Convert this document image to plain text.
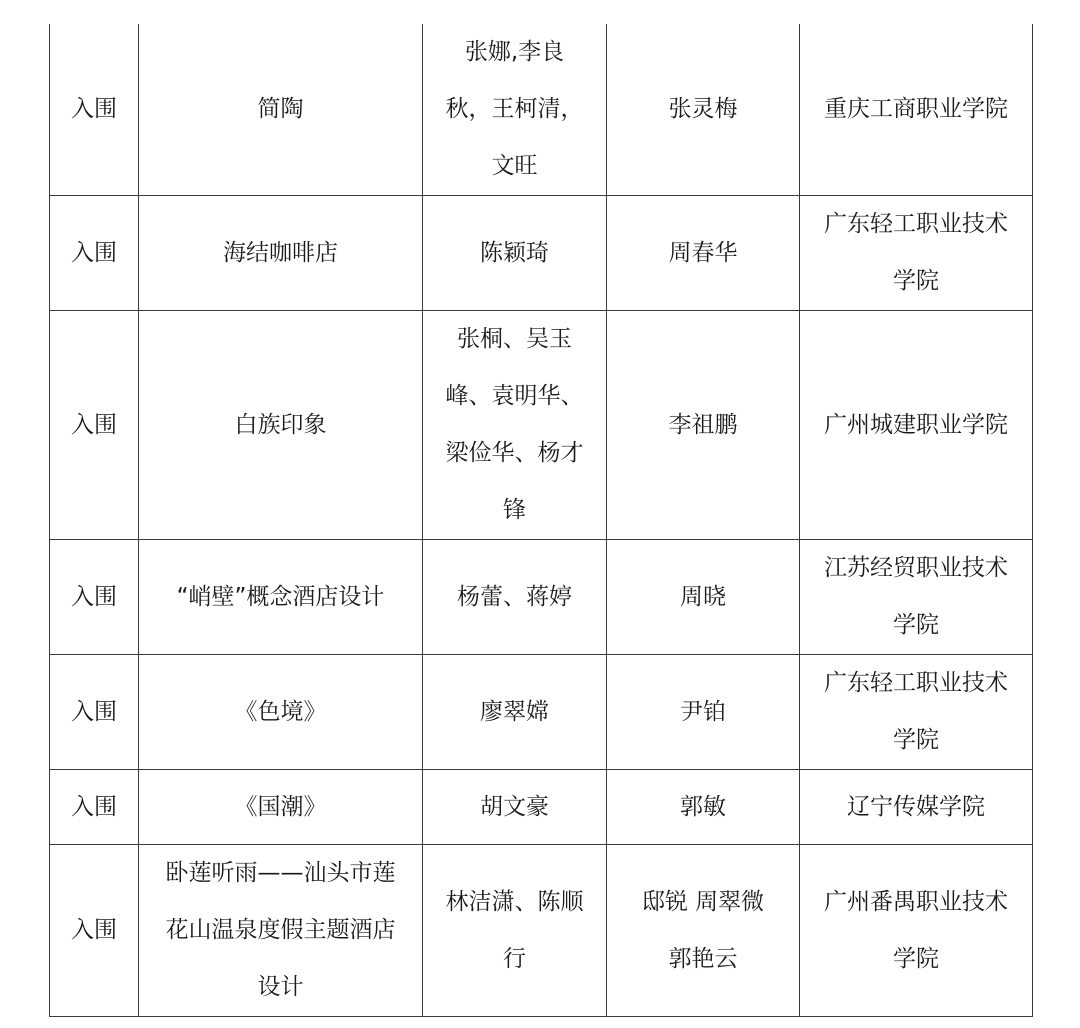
入围	简陶	张娜,李良
秋，王柯清，
文旺	张灵梅	重庆工商职业学院

入围	海结咖啡店	陈颖琦	周春华	广东轻工职业技术
学院

入围	白族印象	张桐、吴玉
峰、袁明华、
梁俭华、杨才
锋	李祖鹏	广州城建职业学院

入围	“峭壁”概念酒店设计	杨蕾、蒋婷	周晓	江苏经贸职业技术
学院

入围	《色境》	廖翠嫦	尹铂	广东轻工职业技术
学院

入围	《国潮》	胡文豪	郭敏	辽宁传媒学院

入围	卧莲听雨——汕头市莲
花山温泉度假主题酒店
设计	林洁潇、陈顺
行	邸锐 周翠微
郭艳云	广州番禺职业技术
学院
